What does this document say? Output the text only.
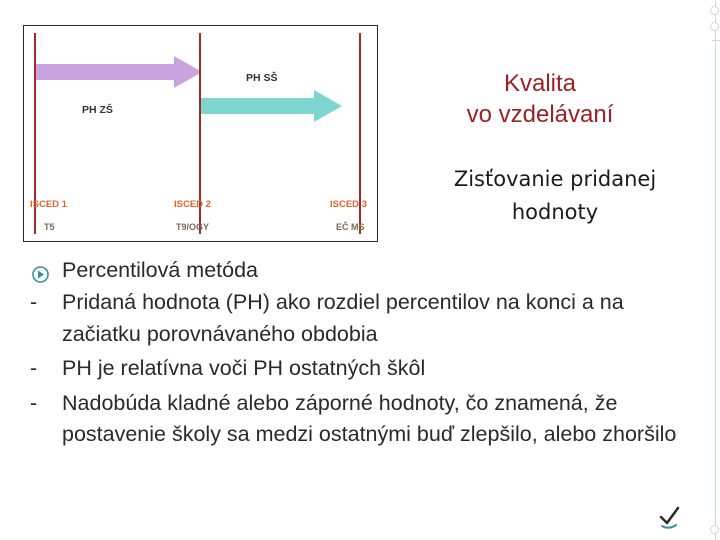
PH ZŠ
PH SŠ
ISCED 1
T5
ISCED 2
T9/OGY
ISCED 3
EČ MS
Kvalita
vo vzdelávaní
Zisťovanie pridanej
hodnoty
Percentilová metóda
- Pridaná hodnota (PH) ako rozdiel percentilov na konci a na začiatku porovnávaného obdobia
- PH je relatívna voči PH ostatných škôl
- Nadobúda kladné alebo záporné hodnoty, čo znamená, že postavenie školy sa medzi ostatnými buď zlepšilo, alebo zhoršilo
